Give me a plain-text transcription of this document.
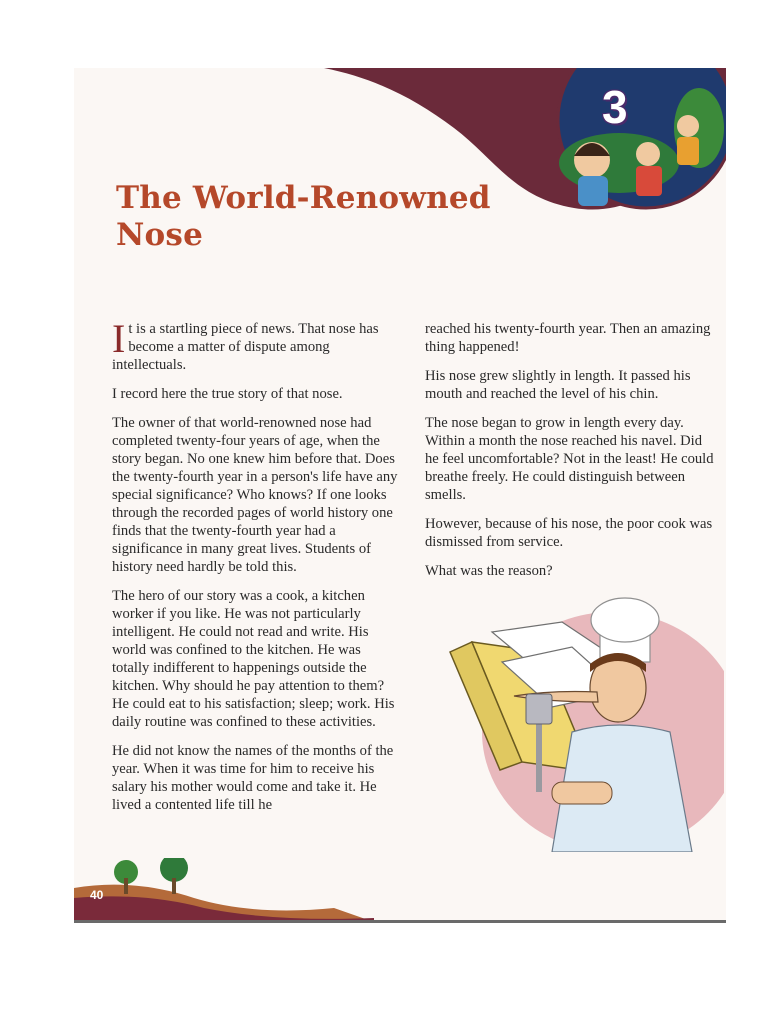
3
The World-Renowned
Nose

It is a startling piece of news. That nose has become a matter of dispute among intellectuals.

I record here the true story of that nose.

The owner of that world-renowned nose had completed twenty-four years of age, when the story began. No one knew him before that. Does the twenty-fourth year in a person's life have any special significance? Who knows? If one looks through the recorded pages of world history one finds that the twenty-fourth year had a significance in many great lives. Students of history need hardly be told this.

The hero of our story was a cook, a kitchen worker if you like. He was not particularly intelligent. He could not read and write. His world was confined to the kitchen. He was totally indifferent to happenings outside the kitchen. Why should he pay attention to them? He could eat to his satisfaction; sleep; work. His daily routine was confined to these activities.

He did not know the names of the months of the year. When it was time for him to receive his salary his mother would come and take it. He lived a contented life till he

reached his twenty-fourth year. Then an amazing thing happened!

His nose grew slightly in length. It passed his mouth and reached the level of his chin.

The nose began to grow in length every day. Within a month the nose reached his navel. Did he feel uncomfortable? Not in the least! He could breathe freely. He could distinguish between smells.

However, because of his nose, the poor cook was dismissed from service.

What was the reason?

40
